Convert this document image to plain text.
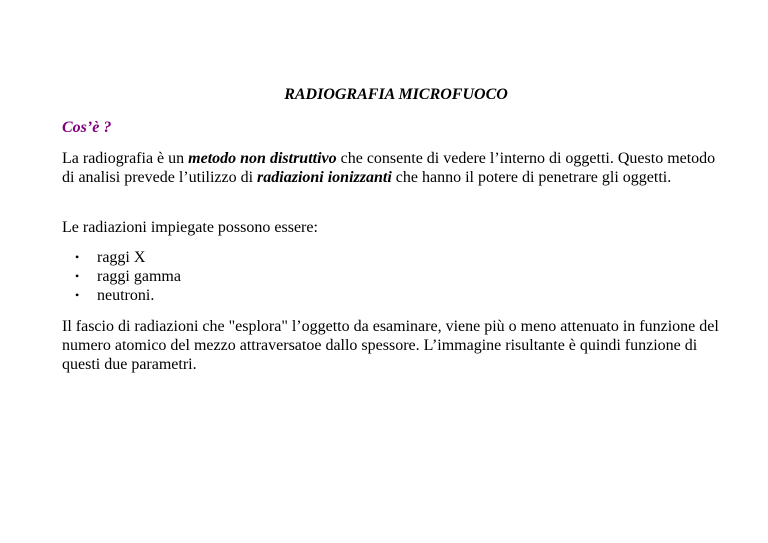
RADIOGRAFIA MICROFUOCO

Cos’è ?

La radiografia è un metodo non distruttivo che consente di vedere l’interno di oggetti. Questo metodo di analisi prevede l’utilizzo di radiazioni ionizzanti che hanno il potere di penetrare gli oggetti.

Le radiazioni impiegate possono essere:

• raggi X
• raggi gamma
• neutroni.

Il fascio di radiazioni che "esplora" l’oggetto da esaminare, viene più o meno attenuato in funzione del numero atomico del mezzo attraversatoe dallo spessore. L’immagine risultante è quindi funzione di questi due parametri.
